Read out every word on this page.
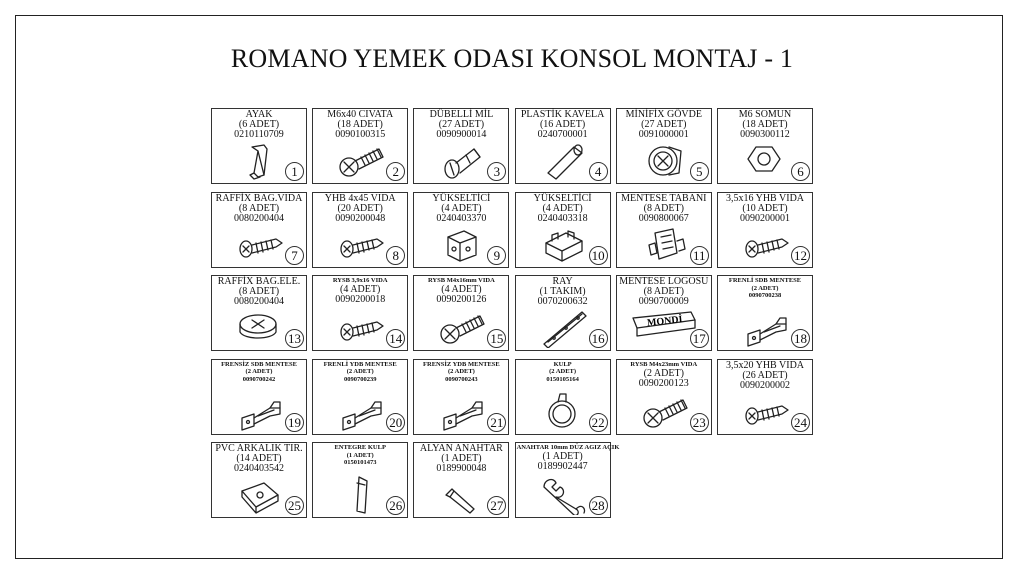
ROMANO YEMEK ODASI KONSOL MONTAJ - 1
AYAK
(6 ADET)
0210110709
1
M6x40 CIVATA
(18 ADET)
0090100315
2
DÜBELLİ MİL
(27 ADET)
0090900014
3
PLASTİK KAVELA
(16 ADET)
0240700001
4
MİNİFİX GÖVDE
(27 ADET)
0091000001
5
M6 SOMUN
(18 ADET)
0090300112
6
RAFFİX BAG.VIDA
(8 ADET)
0080200404
7
YHB 4x45 VIDA
(20 ADET)
0090200048
8
YÜKSELTİCİ
(4 ADET)
0240403370
9
YÜKSELTİCİ
(4 ADET)
0240403318
10
MENTESE TABANI
(8 ADET)
0090800067
11
3,5x16 YHB VIDA
(10 ADET)
0090200001
12
RAFFİX BAG.ELE.
(8 ADET)
0080200404
13
RYSB 3,9x16 VIDA
(4 ADET)
0090200018
14
RYSB M4x16mm VIDA
(4 ADET)
0090200126
15
RAY
(1 TAKIM)
0070200632
16
MENTESE LOGOSU
(8 ADET)
0090700009
MONDİ
17
FRENLİ SDB MENTESE
(2 ADET)
0090700238
18
FRENSİZ SDB MENTESE
(2 ADET)
0090700242
19
FRENLİ YDB MENTESE
(2 ADET)
0090700239
20
FRENSİZ YDB MENTESE
(2 ADET)
0090700243
21
KULP
(2 ADET)
0150105164
22
RYSB M4x23mm VIDA
(2 ADET)
0090200123
23
3,5x20 YHB VIDA
(26 ADET)
0090200002
24
PVC ARKALIK TIR.
(14 ADET)
0240403542
25
ENTEGRE KULP
(1 ADET)
0150101473
26
ALYAN ANAHTAR
(1 ADET)
0189900048
27
ANAHTAR 10mm DÜZ AGIZ AÇIK
(1 ADET)
0189902447
28
